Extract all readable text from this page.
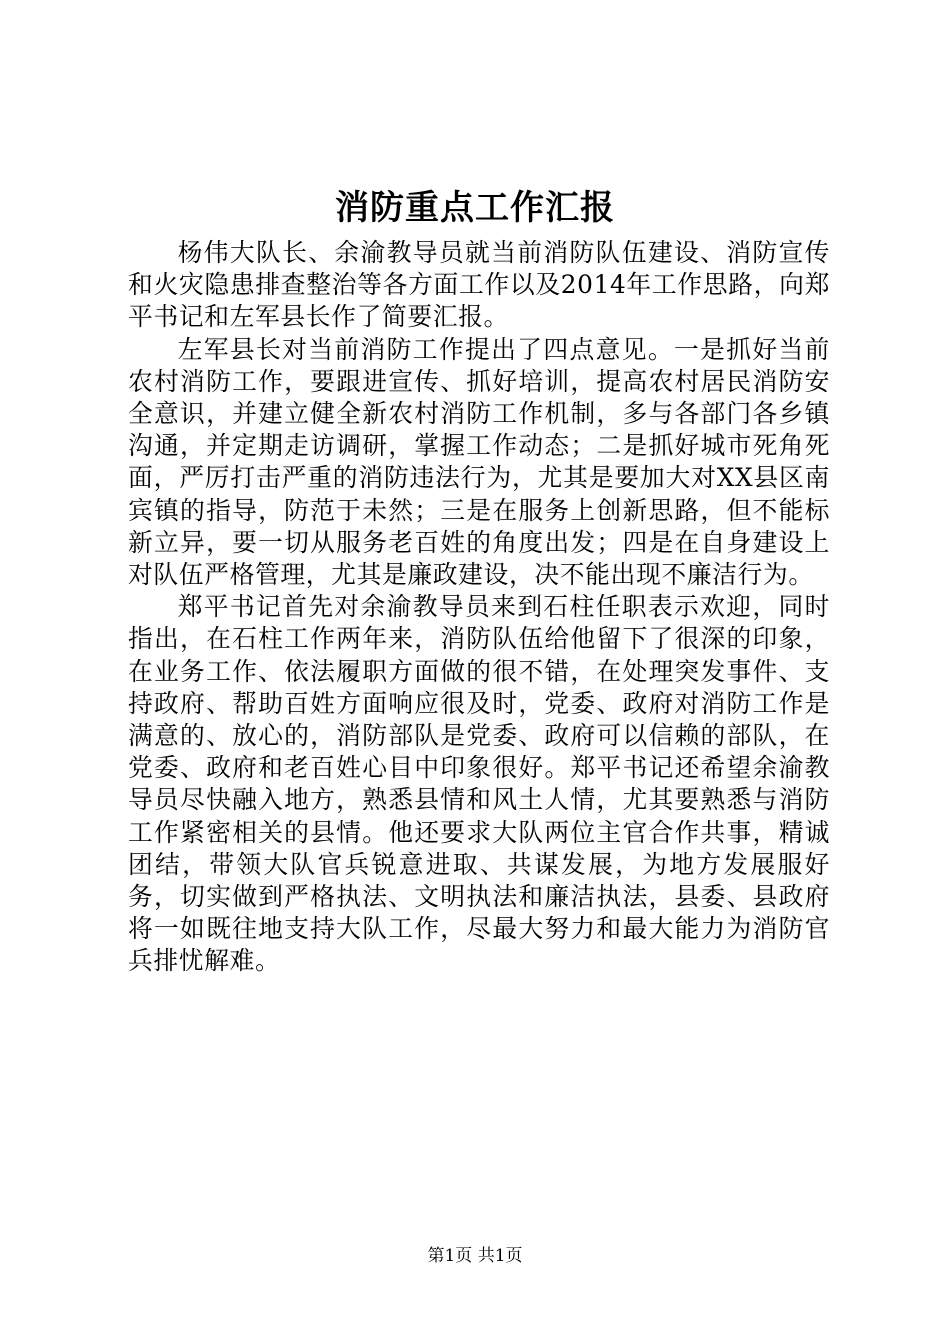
消防重点工作汇报

杨伟大队长、余渝教导员就当前消防队伍建设、消防宣传和火灾隐患排查整治等各方面工作以及2014年工作思路，向郑平书记和左军县长作了简要汇报。

左军县长对当前消防工作提出了四点意见。一是抓好当前农村消防工作，要跟进宣传、抓好培训，提高农村居民消防安全意识，并建立健全新农村消防工作机制，多与各部门各乡镇沟通，并定期走访调研，掌握工作动态；二是抓好城市死角死面，严厉打击严重的消防违法行为，尤其是要加大对XX县区南宾镇的指导，防范于未然；三是在服务上创新思路，但不能标新立异，要一切从服务老百姓的角度出发；四是在自身建设上对队伍严格管理，尤其是廉政建设，决不能出现不廉洁行为。

郑平书记首先对余渝教导员来到石柱任职表示欢迎，同时指出，在石柱工作两年来，消防队伍给他留下了很深的印象，在业务工作、依法履职方面做的很不错，在处理突发事件、支持政府、帮助百姓方面响应很及时，党委、政府对消防工作是满意的、放心的，消防部队是党委、政府可以信赖的部队，在党委、政府和老百姓心目中印象很好。郑平书记还希望余渝教导员尽快融入地方，熟悉县情和风土人情，尤其要熟悉与消防工作紧密相关的县情。他还要求大队两位主官合作共事，精诚团结，带领大队官兵锐意进取、共谋发展，为地方发展服好务，切实做到严格执法、文明执法和廉洁执法，县委、县政府将一如既往地支持大队工作，尽最大努力和最大能力为消防官兵排忧解难。

第1页 共1页
